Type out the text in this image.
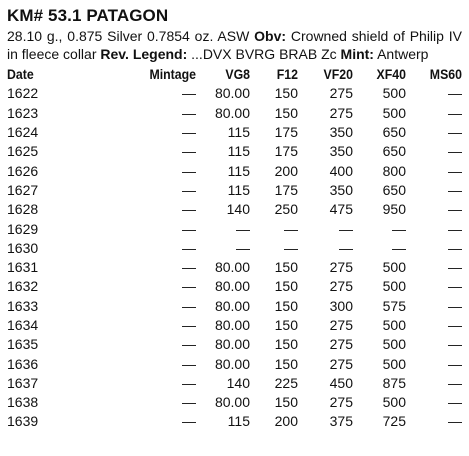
KM# 53.1 PATAGON

28.10 g., 0.875 Silver 0.7854 oz. ASW Obv: Crowned shield of Philip IV in fleece collar Rev. Legend: ...DVX BVRG BRAB Zc Mint: Antwerp

Date	Mintage	VG8	F12	VF20	XF40	MS60
1622	—	80.00	150	275	500	—
1623	—	80.00	150	275	500	—
1624	—	115	175	350	650	—
1625	—	115	175	350	650	—
1626	—	115	200	400	800	—
1627	—	115	175	350	650	—
1628	—	140	250	475	950	—
1629	—	—	—	—	—	—
1630	—	—	—	—	—	—
1631	—	80.00	150	275	500	—
1632	—	80.00	150	275	500	—
1633	—	80.00	150	300	575	—
1634	—	80.00	150	275	500	—
1635	—	80.00	150	275	500	—
1636	—	80.00	150	275	500	—
1637	—	140	225	450	875	—
1638	—	80.00	150	275	500	—
1639	—	115	200	375	725	—
